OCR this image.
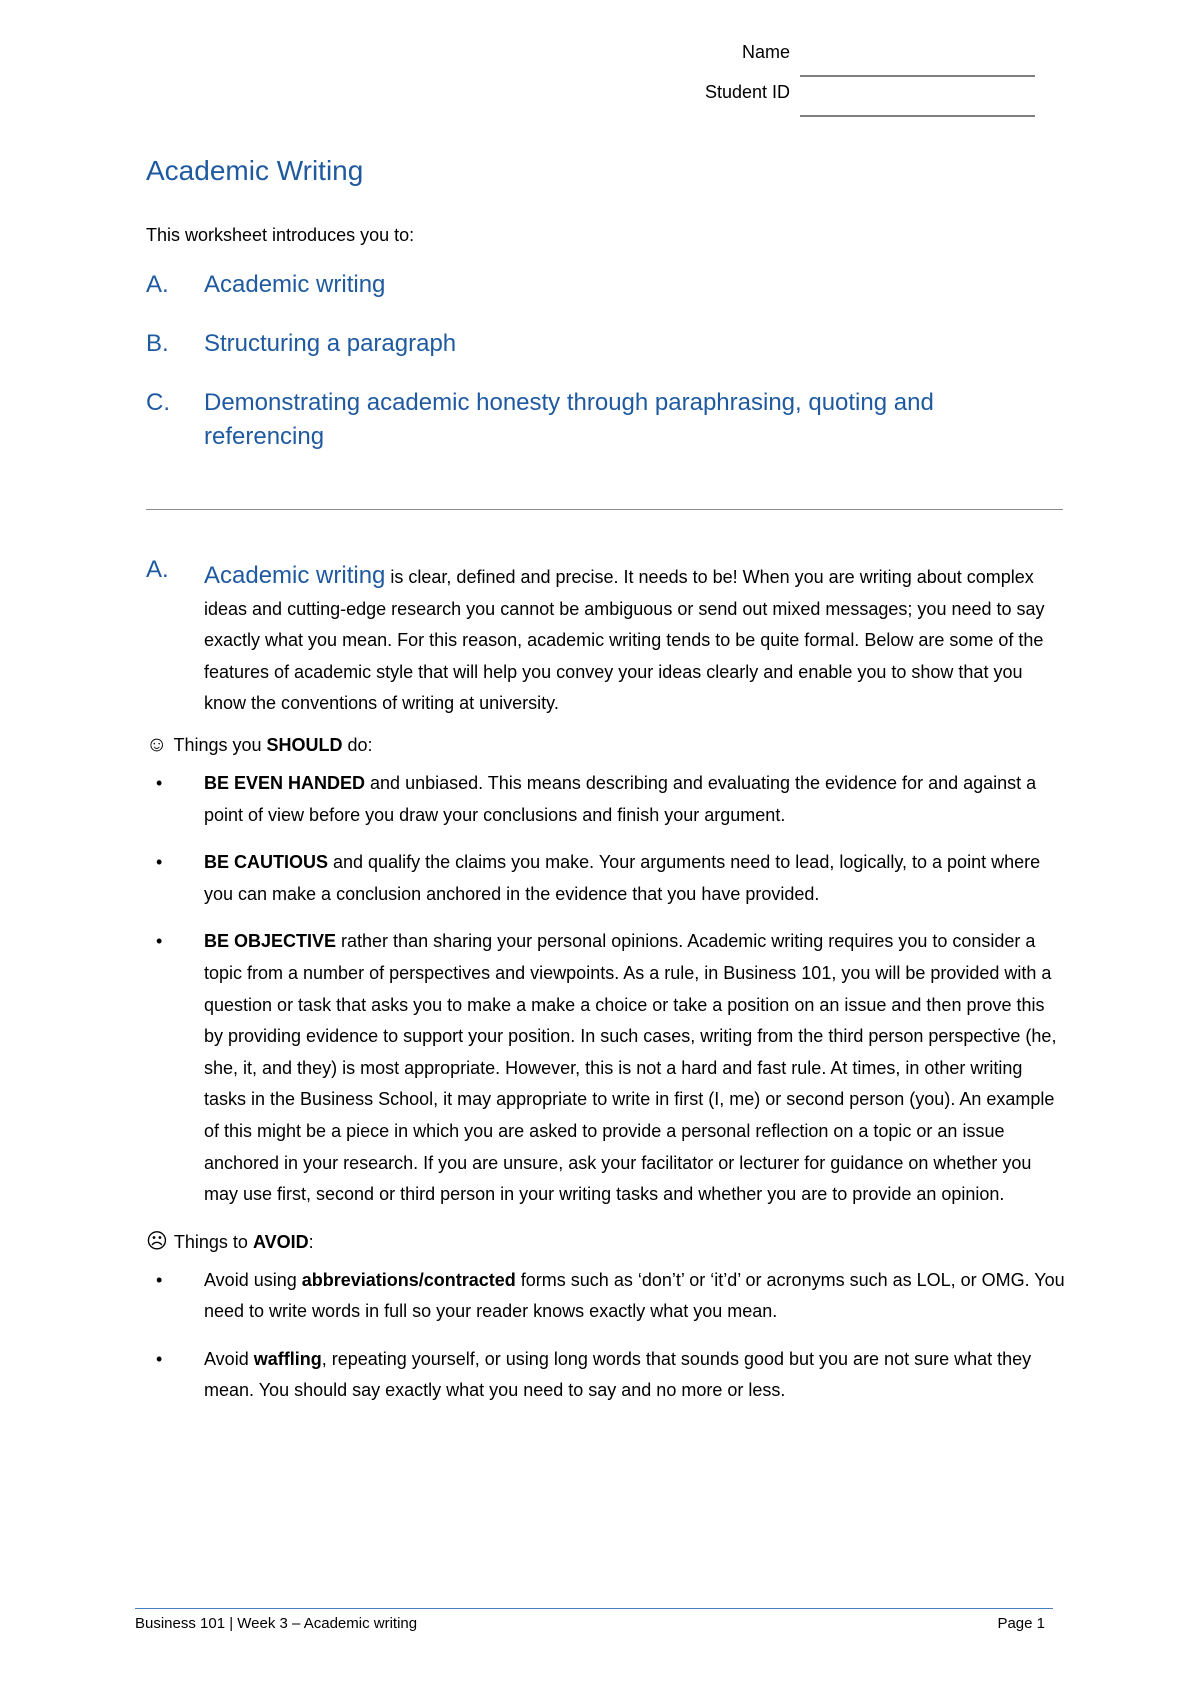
Name
Student ID
Academic Writing
This worksheet introduces you to:
A. Academic writing
B. Structuring a paragraph
C. Demonstrating academic honesty through paraphrasing, quoting and referencing
A. Academic writing is clear, defined and precise. It needs to be! When you are writing about complex ideas and cutting-edge research you cannot be ambiguous or send out mixed messages; you need to say exactly what you mean. For this reason, academic writing tends to be quite formal. Below are some of the features of academic style that will help you convey your ideas clearly and enable you to show that you know the conventions of writing at university.
☺ Things you SHOULD do:
• BE EVEN HANDED and unbiased. This means describing and evaluating the evidence for and against a point of view before you draw your conclusions and finish your argument.
• BE CAUTIOUS and qualify the claims you make. Your arguments need to lead, logically, to a point where you can make a conclusion anchored in the evidence that you have provided.
• BE OBJECTIVE rather than sharing your personal opinions. Academic writing requires you to consider a topic from a number of perspectives and viewpoints. As a rule, in Business 101, you will be provided with a question or task that asks you to make a make a choice or take a position on an issue and then prove this by providing evidence to support your position. In such cases, writing from the third person perspective (he, she, it, and they) is most appropriate. However, this is not a hard and fast rule. At times, in other writing tasks in the Business School, it may appropriate to write in first (I, me) or second person (you). An example of this might be a piece in which you are asked to provide a personal reflection on a topic or an issue anchored in your research. If you are unsure, ask your facilitator or lecturer for guidance on whether you may use first, second or third person in your writing tasks and whether you are to provide an opinion.
☹ Things to AVOID:
• Avoid using abbreviations/contracted forms such as ‘don’t’ or ‘it’d’ or acronyms such as LOL, or OMG. You need to write words in full so your reader knows exactly what you mean.
• Avoid waffling, repeating yourself, or using long words that sounds good but you are not sure what they mean. You should say exactly what you need to say and no more or less.
Business 101 | Week 3 – Academic writing	Page 1
